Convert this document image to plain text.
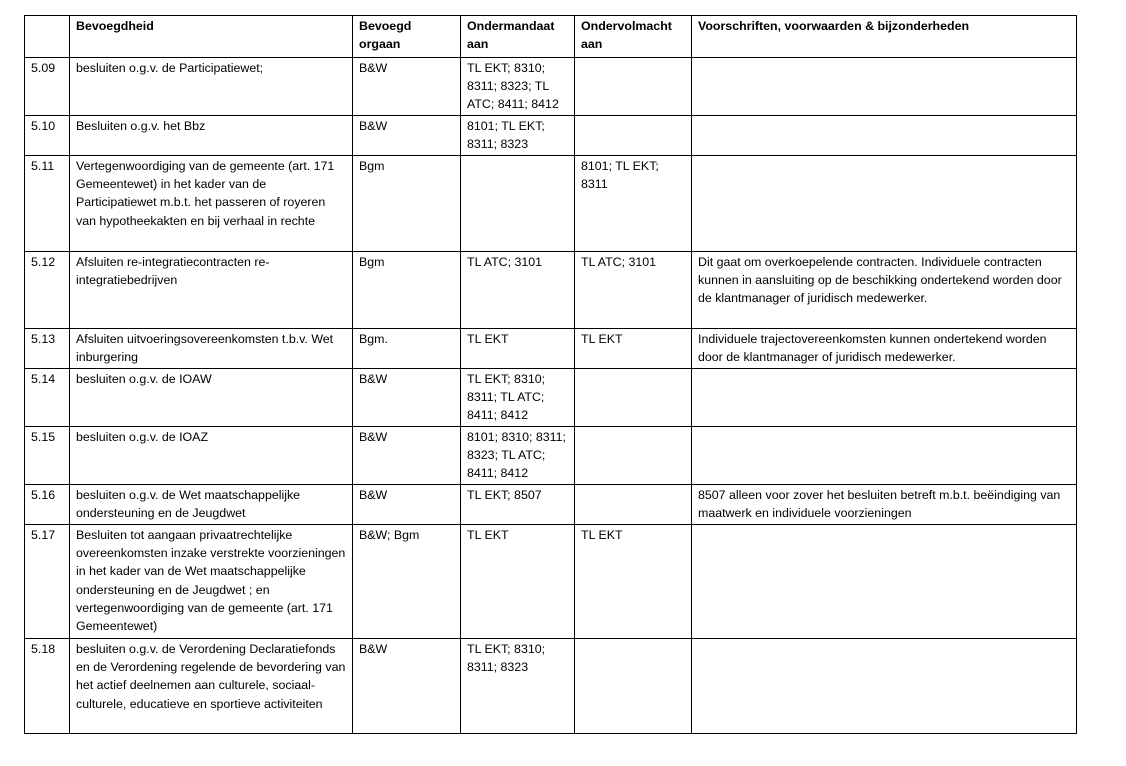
	Bevoegdheid	Bevoegd orgaan	Ondermandaat aan	Ondervolmacht aan	Voorschriften, voorwaarden & bijzonderheden
5.09	besluiten o.g.v. de Participatiewet;	B&W	TL EKT; 8310; 8311; 8323; TL ATC; 8411; 8412		
5.10	Besluiten o.g.v. het Bbz	B&W	8101; TL EKT; 8311; 8323		
5.11	Vertegenwoordiging van de gemeente (art. 171 Gemeentewet) in het kader van de Participatiewet m.b.t. het passeren of royeren van hypotheekakten en bij verhaal in rechte	Bgm		8101; TL EKT; 8311	
5.12	Afsluiten re-integratiecontracten re-integratiebedrijven	Bgm	TL ATC; 3101	TL ATC; 3101	Dit gaat om overkoepelende contracten. Individuele contracten kunnen in aansluiting op de beschikking ondertekend worden door de klantmanager of juridisch medewerker.
5.13	Afsluiten uitvoeringsovereenkomsten t.b.v. Wet inburgering	Bgm.	TL EKT	TL EKT	Individuele trajectovereenkomsten kunnen ondertekend worden door de klantmanager of juridisch medewerker.
5.14	besluiten o.g.v. de IOAW	B&W	TL EKT; 8310; 8311; TL ATC; 8411; 8412		
5.15	besluiten o.g.v. de IOAZ	B&W	8101; 8310; 8311; 8323; TL ATC; 8411; 8412		
5.16	besluiten o.g.v. de Wet maatschappelijke ondersteuning en de Jeugdwet	B&W	TL EKT; 8507		8507 alleen voor zover het besluiten betreft m.b.t. beëindiging van maatwerk en individuele voorzieningen
5.17	Besluiten tot aangaan privaatrechtelijke overeenkomsten inzake verstrekte voorzieningen in het kader van de Wet maatschappelijke ondersteuning en de Jeugdwet ; en vertegenwoordiging van de gemeente (art. 171 Gemeentewet)	B&W; Bgm	TL EKT	TL EKT	
5.18	besluiten o.g.v. de Verordening Declaratiefonds en de Verordening regelende de bevordering van het actief deelnemen aan culturele, sociaal-culturele, educatieve en sportieve activiteiten	B&W	TL EKT; 8310; 8311; 8323		
